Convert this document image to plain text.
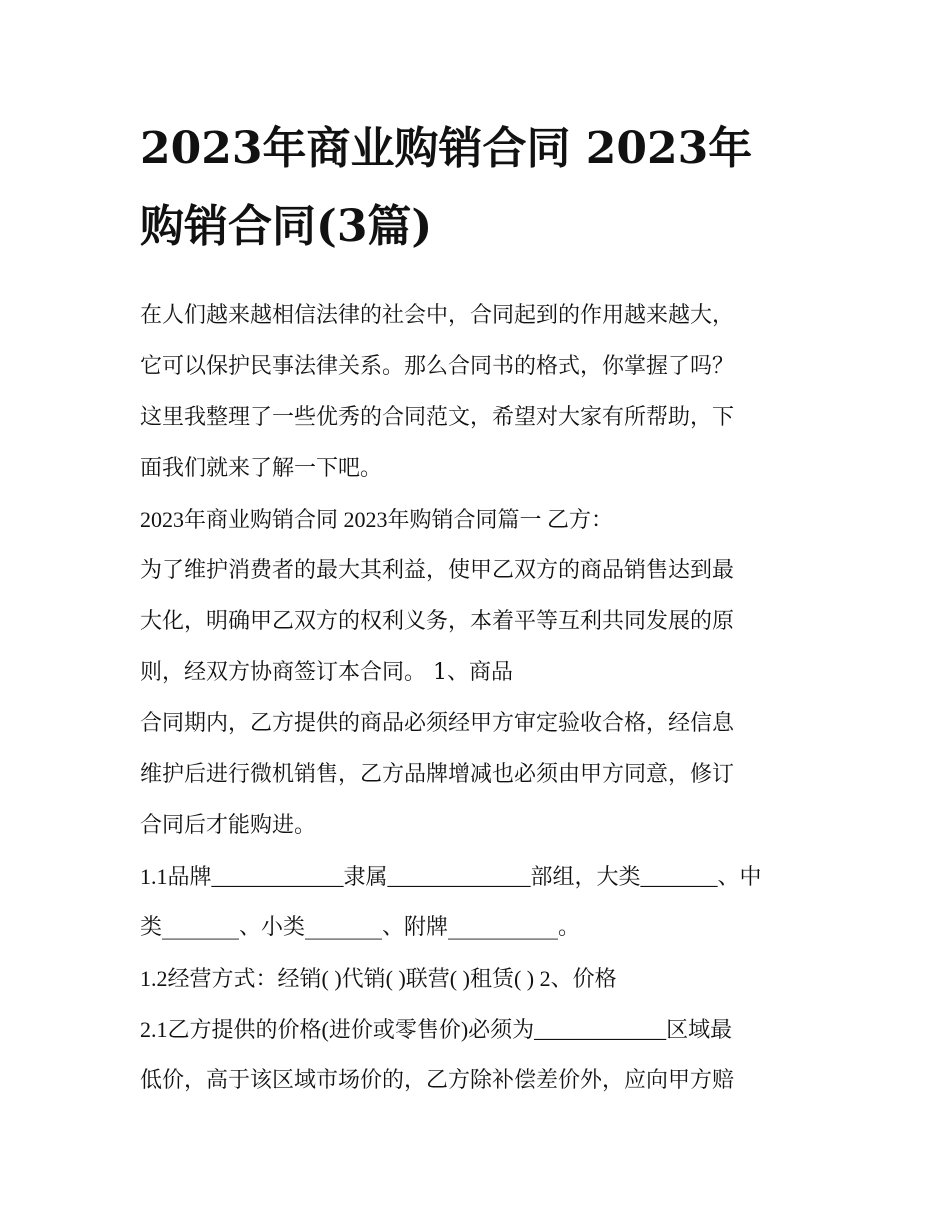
2023年商业购销合同 2023年
购销合同(3篇)
在人们越来越相信法律的社会中，合同起到的作用越来越大，
它可以保护民事法律关系。那么合同书的格式，你掌握了吗？
这里我整理了一些优秀的合同范文，希望对大家有所帮助，下
面我们就来了解一下吧。
2023年商业购销合同 2023年购销合同篇一 乙方：
为了维护消费者的最大其利益，使甲乙双方的商品销售达到最
大化，明确甲乙双方的权利义务，本着平等互利共同发展的原
则，经双方协商签订本合同。 1、商品
合同期内，乙方提供的商品必须经甲方审定验收合格，经信息
维护后进行微机销售，乙方品牌增减也必须由甲方同意，修订
合同后才能购进。
1.1品牌____________隶属_____________部组，大类_______、中
类_______、小类_______、附牌__________。
1.2经营方式：经销( )代销( )联营( )租赁( ) 2、价格
2.1乙方提供的价格(进价或零售价)必须为____________区域最
低价，高于该区域市场价的，乙方除补偿差价外，应向甲方赔
